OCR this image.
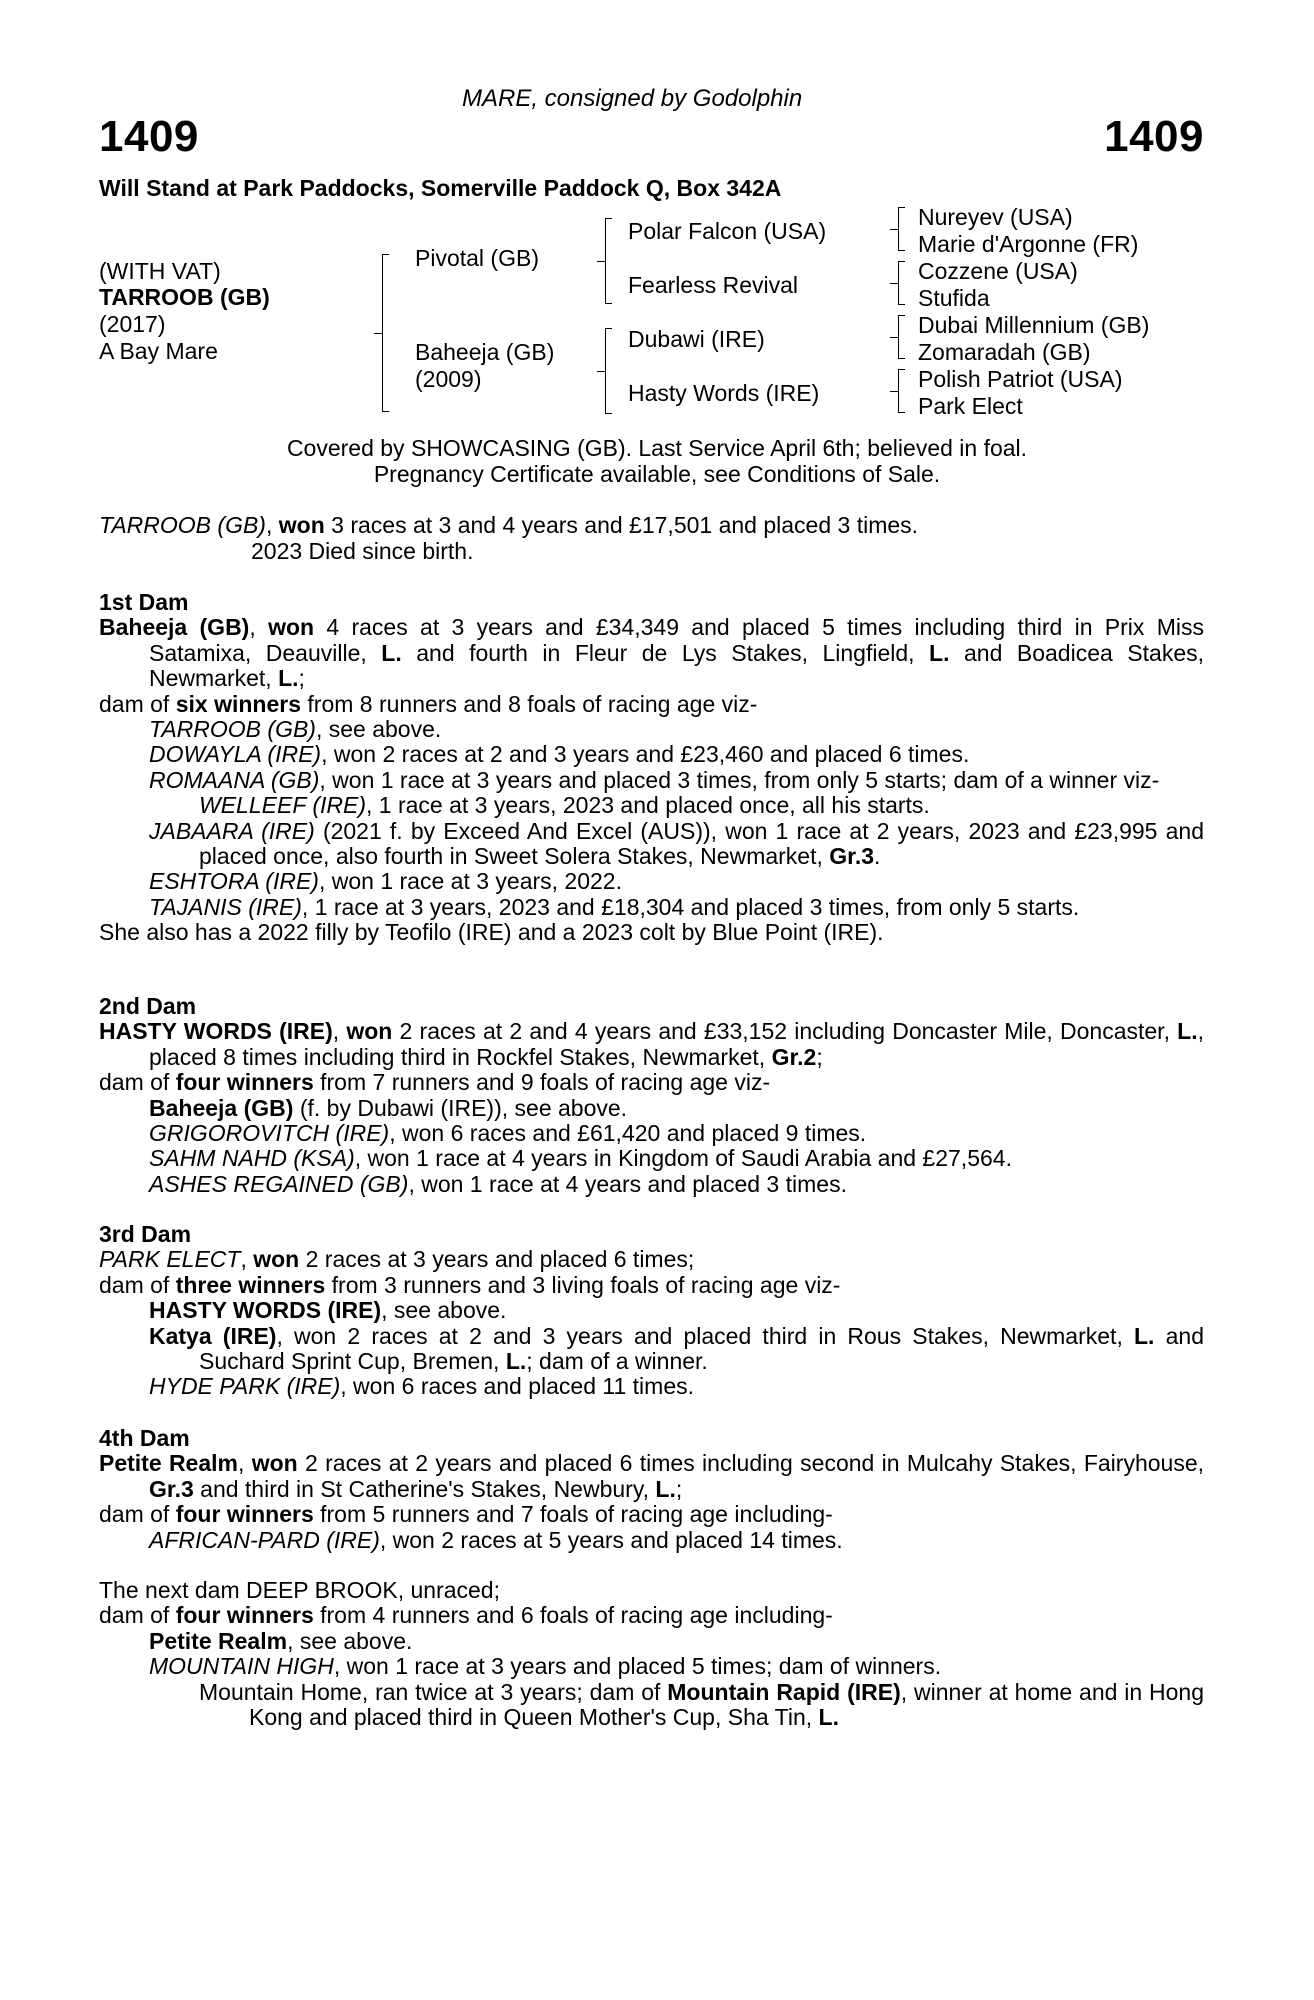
MARE, consigned by Godolphin
1409	1409
Will Stand at Park Paddocks, Somerville Paddock Q, Box 342A
(WITH VAT)
TARROOB (GB)
(2017)
A Bay Mare
Pivotal (GB)
Baheeja (GB)
(2009)
Polar Falcon (USA)
Fearless Revival
Dubawi (IRE)
Hasty Words (IRE)
Nureyev (USA)
Marie d'Argonne (FR)
Cozzene (USA)
Stufida
Dubai Millennium (GB)
Zomaradah (GB)
Polish Patriot (USA)
Park Elect
Covered by SHOWCASING (GB). Last Service April 6th; believed in foal.
Pregnancy Certificate available, see Conditions of Sale.
TARROOB (GB), won 3 races at 3 and 4 years and £17,501 and placed 3 times.
2023 Died since birth.

1st Dam

Baheeja (GB), won 4 races at 3 years and £34,349 and placed 5 times including third in Prix Miss Satamixa, Deauville, L. and fourth in Fleur de Lys Stakes, Lingfield, L. and Boadicea Stakes, Newmarket, L.;

dam of six winners from 8 runners and 8 foals of racing age viz-

TARROOB (GB), see above.

DOWAYLA (IRE), won 2 races at 2 and 3 years and £23,460 and placed 6 times.

ROMAANA (GB), won 1 race at 3 years and placed 3 times, from only 5 starts; dam of a winner viz-

WELLEEF (IRE), 1 race at 3 years, 2023 and placed once, all his starts.

JABAARA (IRE) (2021 f. by Exceed And Excel (AUS)), won 1 race at 2 years, 2023 and £23,995 and placed once, also fourth in Sweet Solera Stakes, Newmarket, Gr.3.

ESHTORA (IRE), won 1 race at 3 years, 2022.

TAJANIS (IRE), 1 race at 3 years, 2023 and £18,304 and placed 3 times, from only 5 starts.

She also has a 2022 filly by Teofilo (IRE) and a 2023 colt by Blue Point (IRE).

2nd Dam

HASTY WORDS (IRE), won 2 races at 2 and 4 years and £33,152 including Doncaster Mile, Doncaster, L., placed 8 times including third in Rockfel Stakes, Newmarket, Gr.2;

dam of four winners from 7 runners and 9 foals of racing age viz-

Baheeja (GB) (f. by Dubawi (IRE)), see above.

GRIGOROVITCH (IRE), won 6 races and £61,420 and placed 9 times.

SAHM NAHD (KSA), won 1 race at 4 years in Kingdom of Saudi Arabia and £27,564.

ASHES REGAINED (GB), won 1 race at 4 years and placed 3 times.

3rd Dam

PARK ELECT, won 2 races at 3 years and placed 6 times;

dam of three winners from 3 runners and 3 living foals of racing age viz-

HASTY WORDS (IRE), see above.

Katya (IRE), won 2 races at 2 and 3 years and placed third in Rous Stakes, Newmarket, L. and Suchard Sprint Cup, Bremen, L.; dam of a winner.

HYDE PARK (IRE), won 6 races and placed 11 times.

4th Dam

Petite Realm, won 2 races at 2 years and placed 6 times including second in Mulcahy Stakes, Fairyhouse, Gr.3 and third in St Catherine's Stakes, Newbury, L.;

dam of four winners from 5 runners and 7 foals of racing age including-

AFRICAN-PARD (IRE), won 2 races at 5 years and placed 14 times.

The next dam DEEP BROOK, unraced;

dam of four winners from 4 runners and 6 foals of racing age including-

Petite Realm, see above.

MOUNTAIN HIGH, won 1 race at 3 years and placed 5 times; dam of winners.

Mountain Home, ran twice at 3 years; dam of Mountain Rapid (IRE), winner at home and in Hong Kong and placed third in Queen Mother's Cup, Sha Tin, L.
